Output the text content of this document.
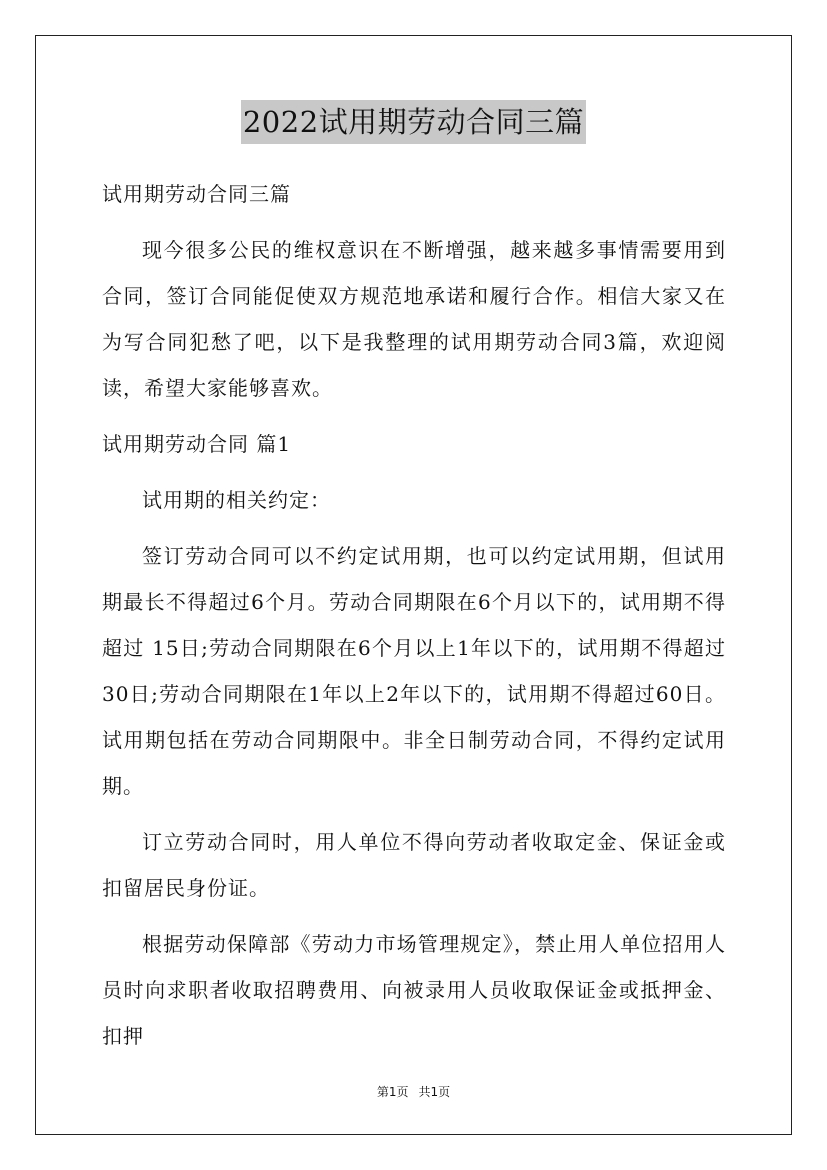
2022试用期劳动合同三篇

试用期劳动合同三篇

现今很多公民的维权意识在不断增强，越来越多事情需要用到合同，签订合同能促使双方规范地承诺和履行合作。相信大家又在为写合同犯愁了吧，以下是我整理的试用期劳动合同3篇，欢迎阅读，希望大家能够喜欢。

试用期劳动合同 篇1

试用期的相关约定：

签订劳动合同可以不约定试用期，也可以约定试用期，但试用期最长不得超过6个月。劳动合同期限在6个月以下的，试用期不得超过 15日;劳动合同期限在6个月以上1年以下的，试用期不得超过30日;劳动合同期限在1年以上2年以下的，试用期不得超过60日。试用期包括在劳动合同期限中。非全日制劳动合同，不得约定试用期。

订立劳动合同时，用人单位不得向劳动者收取定金、保证金或扣留居民身份证。

根据劳动保障部《劳动力市场管理规定》，禁止用人单位招用人员时向求职者收取招聘费用、向被录用人员收取保证金或抵押金、扣押

第1页 共1页
